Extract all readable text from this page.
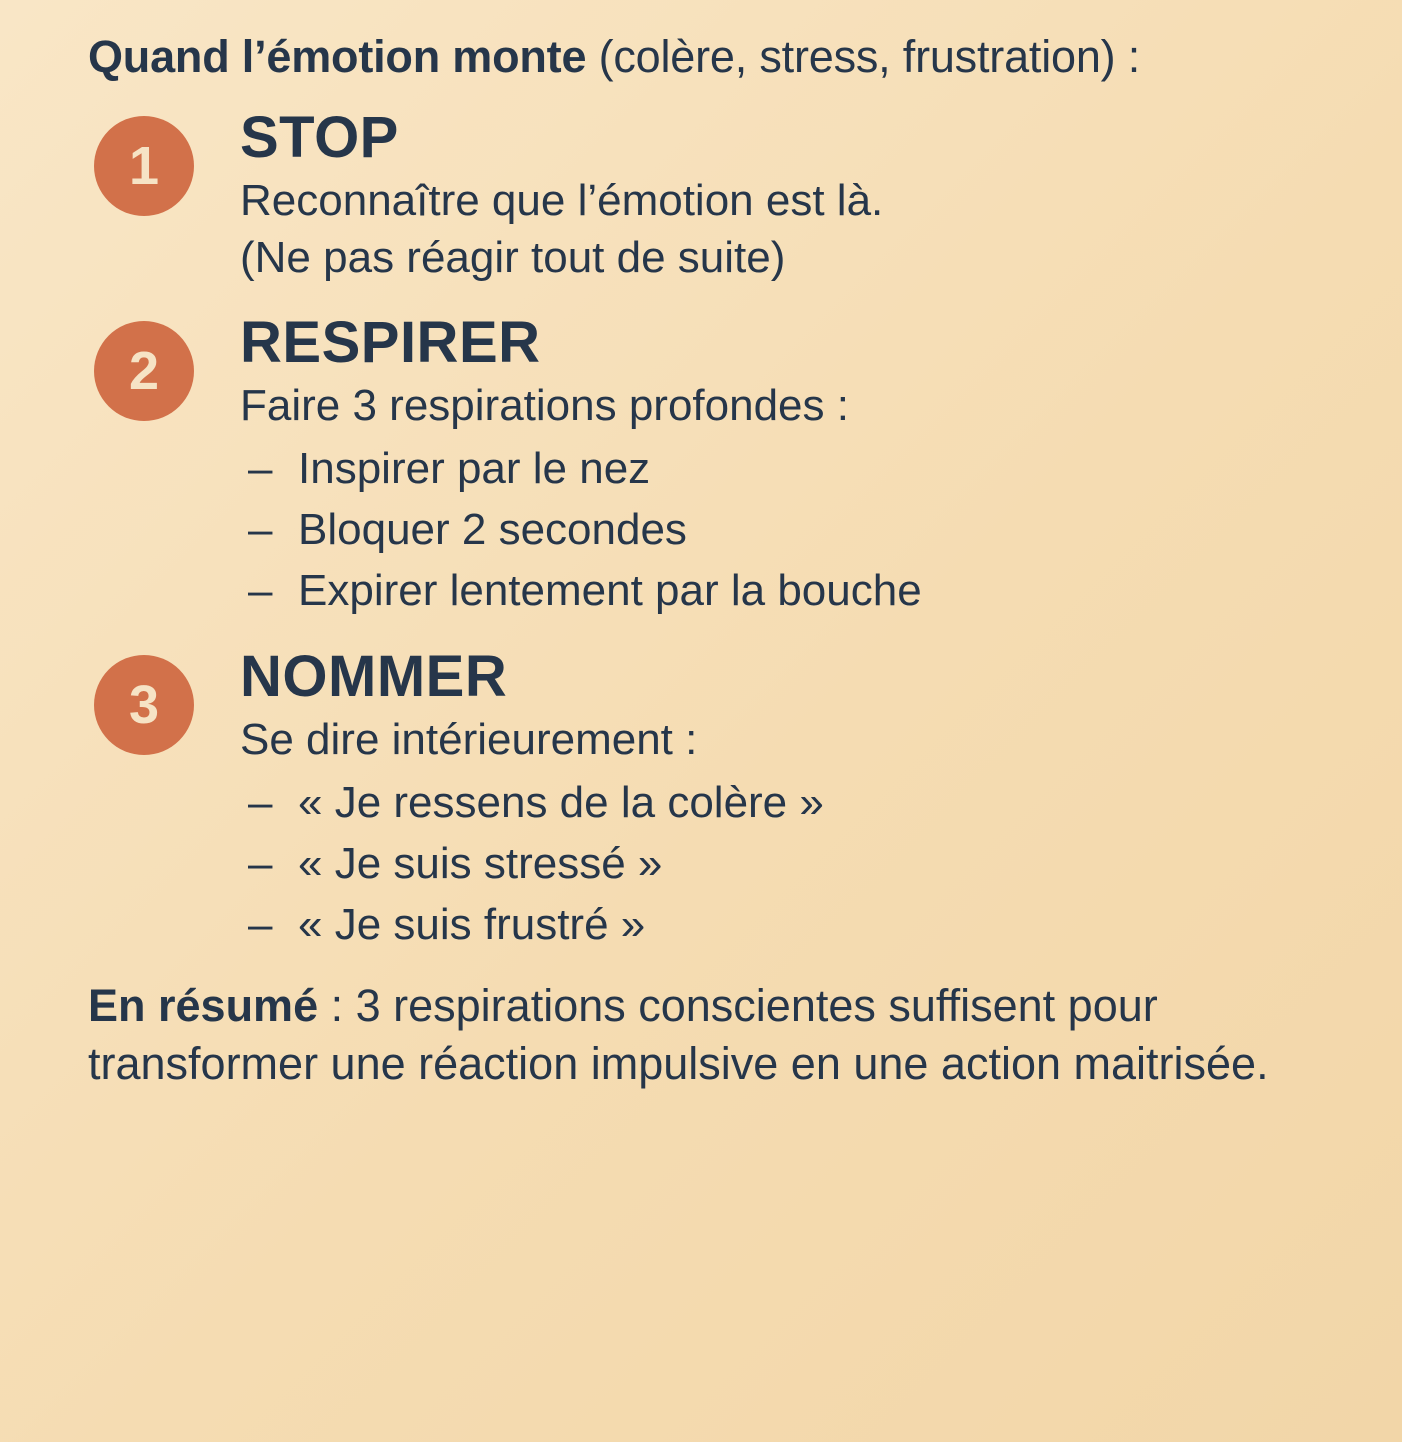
Quand l’émotion monte (colère, stress, frustration) :

1	STOP

Reconnaître que l’émotion est là.

(Ne pas réagir tout de suite)

2	RESPIRER

Faire 3 respirations profondes :

– Inspirer par le nez
– Bloquer 2 secondes
– Expirer lentement par la bouche
3	NOMMER

Se dire intérieurement :

– « Je ressens de la colère »
– « Je suis stressé »
– « Je suis frustré »

En résumé : 3 respirations conscientes suffisent pour transformer une réaction impulsive en une action maitrisée.
